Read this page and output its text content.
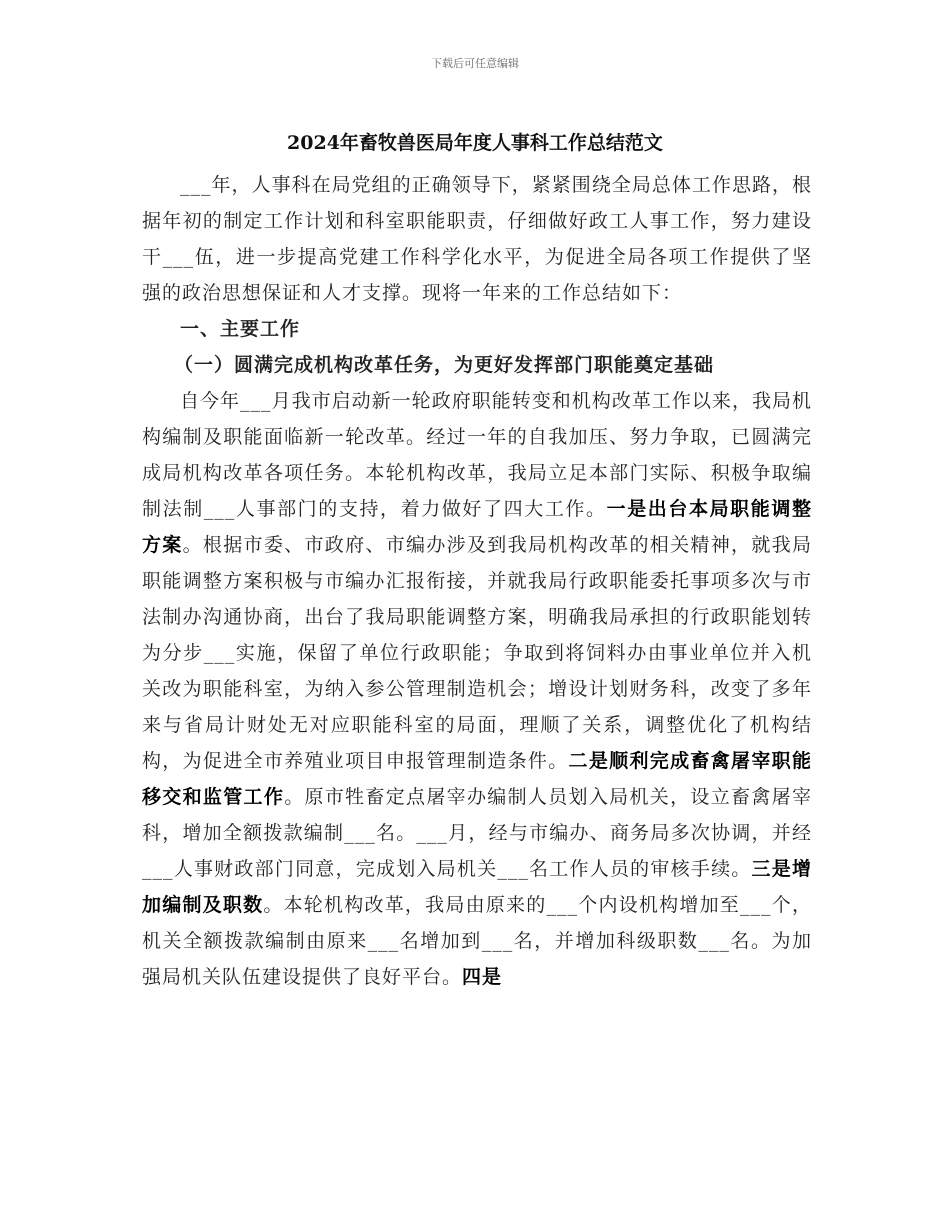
下载后可任意编辑
2024年畜牧兽医局年度人事科工作总结范文

___年，人事科在局党组的正确领导下，紧紧围绕全局总体工作思路，根据年初的制定工作计划和科室职能职责，仔细做好政工人事工作，努力建设干___伍，进一步提高党建工作科学化水平，为促进全局各项工作提供了坚强的政治思想保证和人才支撑。现将一年来的工作总结如下：

一、主要工作

（一）圆满完成机构改革任务，为更好发挥部门职能奠定基础

自今年___月我市启动新一轮政府职能转变和机构改革工作以来，我局机构编制及职能面临新一轮改革。经过一年的自我加压、努力争取，已圆满完成局机构改革各项任务。本轮机构改革，我局立足本部门实际、积极争取编制法制___人事部门的支持，着力做好了四大工作。一是出台本局职能调整方案。根据市委、市政府、市编办涉及到我局机构改革的相关精神，就我局职能调整方案积极与市编办汇报衔接，并就我局行政职能委托事项多次与市法制办沟通协商，出台了我局职能调整方案，明确我局承担的行政职能划转为分步___实施，保留了单位行政职能；争取到将饲料办由事业单位并入机关改为职能科室，为纳入参公管理制造机会；增设计划财务科，改变了多年来与省局计财处无对应职能科室的局面，理顺了关系，调整优化了机构结构，为促进全市养殖业项目申报管理制造条件。二是顺利完成畜禽屠宰职能移交和监管工作。原市牲畜定点屠宰办编制人员划入局机关，设立畜禽屠宰科，增加全额拨款编制___名。___月，经与市编办、商务局多次协调，并经___人事财政部门同意，完成划入局机关___名工作人员的审核手续。三是增加编制及职数。本轮机构改革，我局由原来的___个内设机构增加至___个，机关全额拨款编制由原来___名增加到___名，并增加科级职数___名。为加强局机关队伍建设提供了良好平台。四是
